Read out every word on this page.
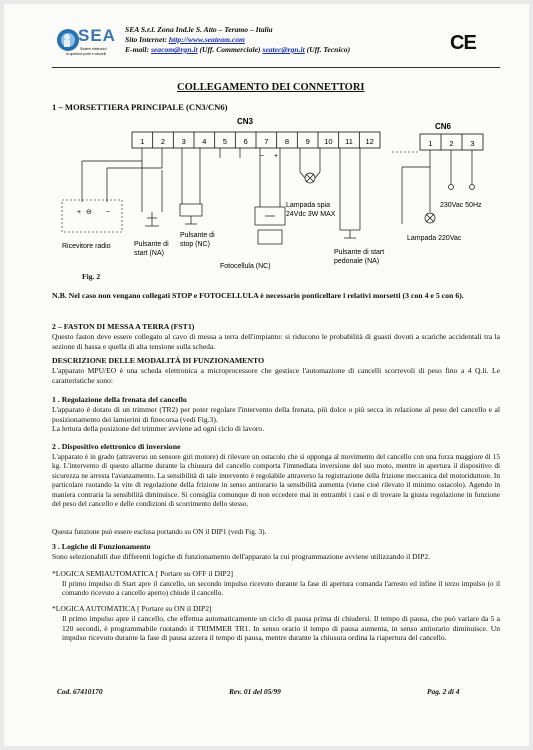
SEA
Sistemi elettronici
di apertura porte e cancelli
SEA S.r.l. Zona Ind.le S. Atto – Teramo – Italia
Sito Internet: http://www.seateam.com
E-mail: seacom@rgn.it (Uff. Commerciale) seatec@rgn.it (Uff. Tecnico)	CE
COLLEGAMENTO DEI CONNETTORI
1 – MORSETTIERA PRINCIPALE (CN3/CN6)
CN3
1 2 3 4 5 6 7 8 9 10 11 12
CN6
1 2 3
+ ⊖ −
− +
Ricevitore radio	Pulsante di
start (NA)
Pulsante di
stop (NC)
Fotocellula (NC)
Lampada spia
24Vdc 3W MAX
Pulsante di start
pedonale (NA)
Lampada 220Vac
230Vac 50Hz
Fig. 2
N.B. Nel caso non vengano collegati STOP e FOTOCELLULA è necessario ponticellare i relativi morsetti (3 con 4 e 5 con 6).
2 – FASTON DI MESSA A TERRA (FST1)
Questo faston deve essere collegato al cavo di messa a terra dell'impianto: si riducono le probabilità di guasti dovuti a scariche accidentali tra la sezione di bassa e quella di alta tensione sulla scheda.
DESCRIZIONE DELLE MODALITÀ DI FUNZIONAMENTO
L'apparato MPU/EO è una scheda elettronica a microprocessore che gestisce l'automazione di cancelli scorrevoli di peso fino a 4 Q.li. Le caratteristiche sono:
1 . Regolazione della frenata del cancello
L'apparato è dotato di un trimmer (TR2) per poter regolare l'intervento della frenata, più dolce o più secca in relazione al peso del cancello e al posizionamento dei lamierini di finecorsa (vedi Fig.3).
La lettura della posizione del trimmer avviene ad ogni ciclo di lavoro.
2 . Dispositivo elettronico di inversione
L'apparato è in grado (attraverso un sensore giri motore) di rilevare un ostacolo che si opponga al movimento del cancello con una forza maggiore di 15 kg. L'intervento di questo allarme durante la chiusura del cancello comporta l'immediata inversione del suo moto, mentre in apertura il dispositivo di sicurezza ne arresta l'avanzamento. La sensibilità di tale intervento è regolabile attraverso la registrazione della frizione meccanica del motoriduttore. In particolare ruotando la vite di regolazione della frizione in senso antiorario la sensibilità aumenta (viene cioè rilevato il minimo ostacolo). Agendo in maniera contraria la sensibilità diminuisce. Si consiglia comunque di non eccedere mai in entrambi i casi e di trovare la giusta regolazione in funzione del peso del cancello e delle condizioni di scorrimento dello stesso.
Questa funzione può essere esclusa portando su ON il DIP1 (vedi Fig. 3).
3 . Logiche di Funzionamento
Sono selezionabili due differenti logiche di funzionamento dell'apparato la cui programmazione avviene utilizzando il DIP2.
*LOGICA SEMIAUTOMATICA [ Portare su OFF il DIP2]
Il primo impulso di Start apre il cancello, un secondo impulso ricevuto durante la fase di apertura comanda l'arresto ed infine il terzo impulso (o il comando ricevuto a cancello aperto) chiude il cancello.
*LOGICA AUTOMATICA [ Portare su ON il DIP2]
Il primo impulso apre il cancello, che effettua automaticamente un ciclo di pausa prima di chiudersi. Il tempo di pausa, che può variare da 5 a 120 secondi, è programmabile ruotando il TRIMMER TR1. In senso orario il tempo di pausa aumenta, in senso antiorario diminuisce. Un impulso ricevuto durante la fase di pausa azzera il tempo di pausa, mentre durante la chiusura ordina la riapertura del cancello.
Cod. 67410170	Rev. 01 del 05/99	Pag. 2 di 4
